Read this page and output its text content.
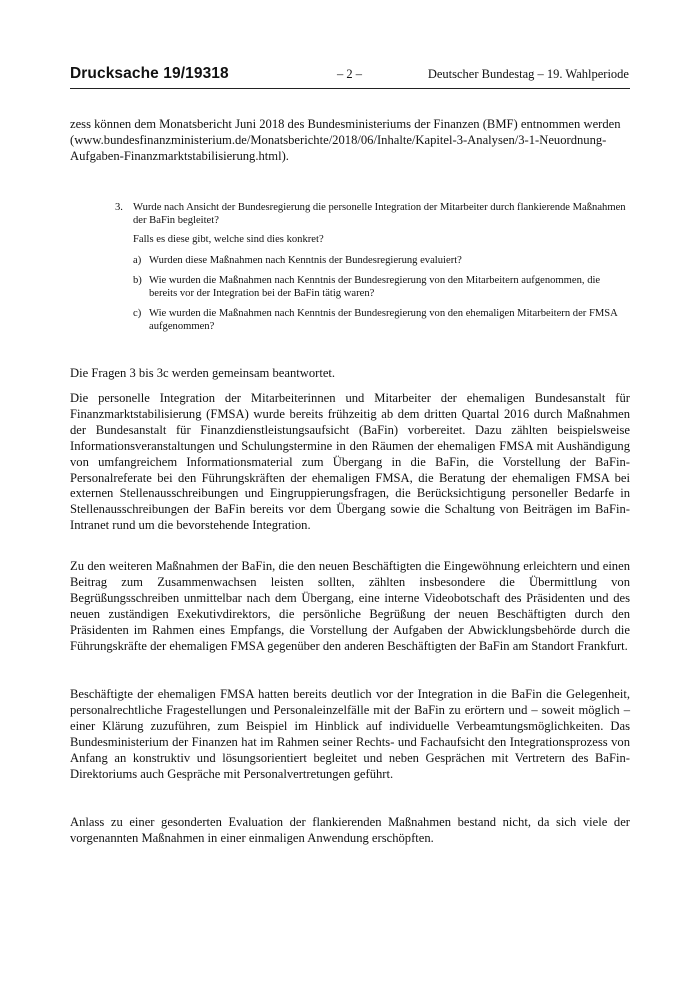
Drucksache 19/19318	– 2 –	Deutscher Bundestag – 19. Wahlperiode

zess können dem Monatsbericht Juni 2018 des Bundesministeriums der Finanzen (BMF) entnommen werden (www.bundesfinanzministerium.de/Monatsberichte/2018/06/Inhalte/Kapitel-3-Analysen/3-1-Neuordnung-Aufgaben-Finanzmarktstabilisierung.html).

3. Wurde nach Ansicht der Bundesregierung die personelle Integration der Mitarbeiter durch flankierende Maßnahmen der BaFin begleitet?
Falls es diese gibt, welche sind dies konkret?
a) Wurden diese Maßnahmen nach Kenntnis der Bundesregierung evaluiert?
b) Wie wurden die Maßnahmen nach Kenntnis der Bundesregierung von den Mitarbeitern aufgenommen, die bereits vor der Integration bei der BaFin tätig waren?
c) Wie wurden die Maßnahmen nach Kenntnis der Bundesregierung von den ehemaligen Mitarbeitern der FMSA aufgenommen?
Die Fragen 3 bis 3c werden gemeinsam beantwortet.

Die personelle Integration der Mitarbeiterinnen und Mitarbeiter der ehemaligen Bundesanstalt für Finanzmarktstabilisierung (FMSA) wurde bereits frühzeitig ab dem dritten Quartal 2016 durch Maßnahmen der Bundesanstalt für Finanzdienstleistungsaufsicht (BaFin) vorbereitet. Dazu zählten beispielsweise Informationsveranstaltungen und Schulungstermine in den Räumen der ehemaligen FMSA mit Aushändigung von umfangreichem Informationsmaterial zum Übergang in die BaFin, die Vorstellung der BaFin-Personalreferate bei den Führungskräften der ehemaligen FMSA, die Beratung der ehemaligen FMSA bei externen Stellenausschreibungen und Eingruppierungsfragen, die Berücksichtigung personeller Bedarfe in Stellenausschreibungen der BaFin bereits vor dem Übergang sowie die Schaltung von Beiträgen im BaFin-Intranet rund um die bevorstehende Integration.

Zu den weiteren Maßnahmen der BaFin, die den neuen Beschäftigten die Eingewöhnung erleichtern und einen Beitrag zum Zusammenwachsen leisten sollten, zählten insbesondere die Übermittlung von Begrüßungsschreiben unmittelbar nach dem Übergang, eine interne Videobotschaft des Präsidenten und des neuen zuständigen Exekutivdirektors, die persönliche Begrüßung der neuen Beschäftigten durch den Präsidenten im Rahmen eines Empfangs, die Vorstellung der Aufgaben der Abwicklungsbehörde durch die Führungskräfte der ehemaligen FMSA gegenüber den anderen Beschäftigten der BaFin am Standort Frankfurt.

Beschäftigte der ehemaligen FMSA hatten bereits deutlich vor der Integration in die BaFin die Gelegenheit, personalrechtliche Fragestellungen und Personaleinzelfälle mit der BaFin zu erörtern und – soweit möglich – einer Klärung zuzuführen, zum Beispiel im Hinblick auf individuelle Verbeamtungsmöglichkeiten. Das Bundesministerium der Finanzen hat im Rahmen seiner Rechts- und Fachaufsicht den Integrationsprozess von Anfang an konstruktiv und lösungsorientiert begleitet und neben Gesprächen mit Vertretern des BaFin-Direktoriums auch Gespräche mit Personalvertretungen geführt.

Anlass zu einer gesonderten Evaluation der flankierenden Maßnahmen bestand nicht, da sich viele der vorgenannten Maßnahmen in einer einmaligen Anwendung erschöpften.
